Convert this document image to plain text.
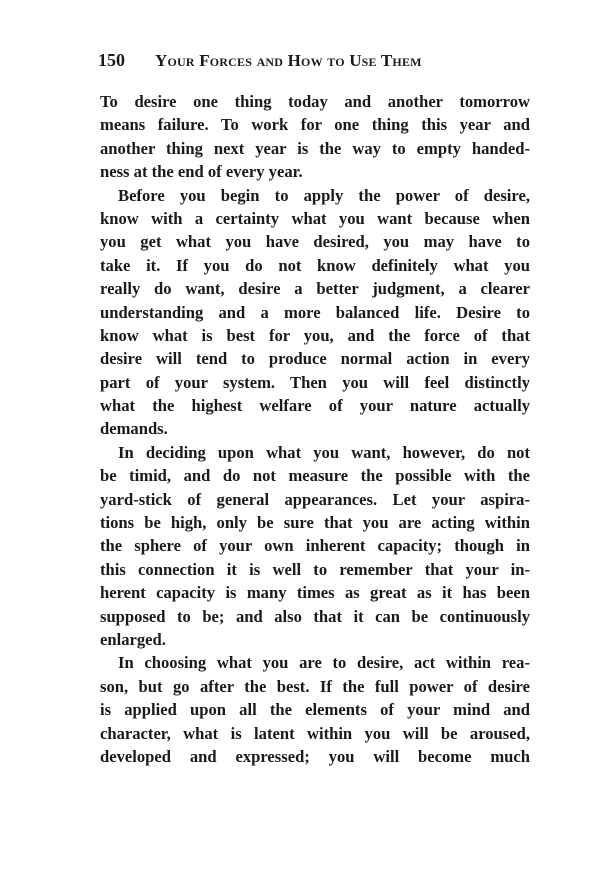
150 Your Forces and How to Use Them
To desire one thing today and another tomorrow
means failure. To work for one thing this year and
another thing next year is the way to empty handed-
ness at the end of every year.
Before you begin to apply the power of desire,
know with a certainty what you want because when
you get what you have desired, you may have to
take it. If you do not know definitely what you
really do want, desire a better judgment, a clearer
understanding and a more balanced life. Desire to
know what is best for you, and the force of that
desire will tend to produce normal action in every
part of your system. Then you will feel distinctly
what the highest welfare of your nature actually
demands.
In deciding upon what you want, however, do not
be timid, and do not measure the possible with the
yard-stick of general appearances. Let your aspira-
tions be high, only be sure that you are acting within
the sphere of your own inherent capacity; though in
this connection it is well to remember that your in-
herent capacity is many times as great as it has been
supposed to be; and also that it can be continuously
enlarged.
In choosing what you are to desire, act within rea-
son, but go after the best. If the full power of desire
is applied upon all the elements of your mind and
character, what is latent within you will be aroused,
developed and expressed; you will become much
